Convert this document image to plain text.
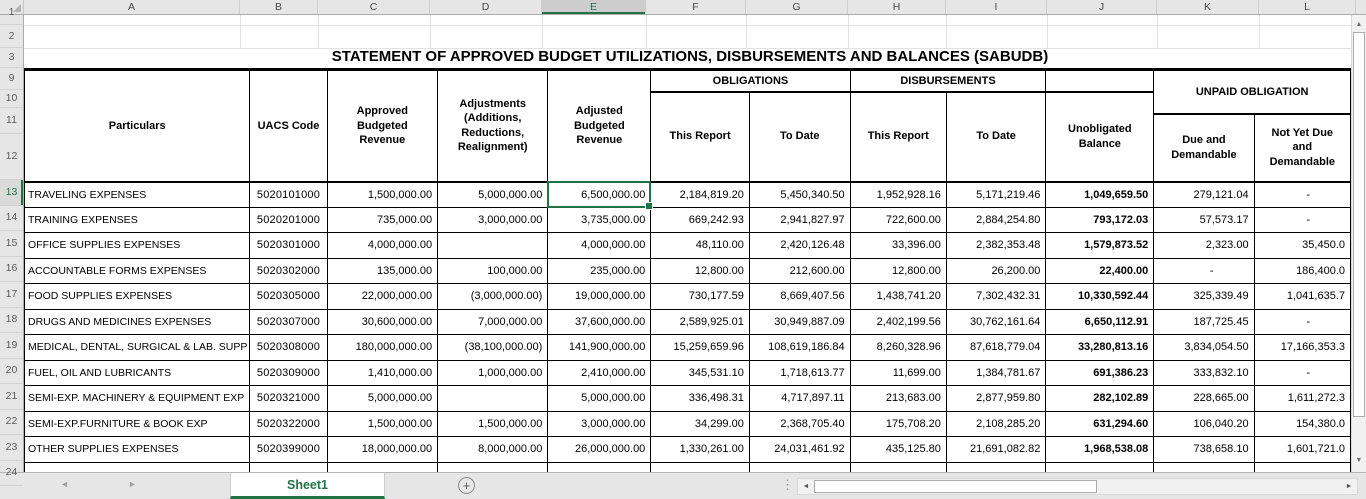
A	B	C	D	E	F	G	H	I	J	K	L
1
2
3
9
10
11
12
13
14
15
16
17
18
19
20
21
22
23
24
STATEMENT OF APPROVED BUDGET UTILIZATIONS, DISBURSEMENTS AND BALANCES (SABUDB)
Particulars	UACS Code	Approved Budgeted Revenue	Adjustments (Additions, Reductions, Realignment)	Adjusted Budgeted Revenue	OBLIGATIONS		DISBURSEMENTS			UNPAID OBLIGATION	
					This Report	To Date	This Report	To Date	Unobligated Balance		
										Due and Demandable	Not Yet Due and Demandable
TRAVELING EXPENSES	5020101000	1,500,000.00	5,000,000.00	6,500,000.00	2,184,819.20	5,450,340.50	1,952,928.16	5,171,219.46	1,049,659.50	279,121.04	-
TRAINING EXPENSES	5020201000	735,000.00	3,000,000.00	3,735,000.00	669,242.93	2,941,827.97	722,600.00	2,884,254.80	793,172.03	57,573.17	-
OFFICE SUPPLIES EXPENSES	5020301000	4,000,000.00		4,000,000.00	48,110.00	2,420,126.48	33,396.00	2,382,353.48	1,579,873.52	2,323.00	35,450.0
ACCOUNTABLE FORMS EXPENSES	5020302000	135,000.00	100,000.00	235,000.00	12,800.00	212,600.00	12,800.00	26,200.00	22,400.00	-	186,400.0
FOOD SUPPLIES EXPENSES	5020305000	22,000,000.00	(3,000,000.00)	19,000,000.00	730,177.59	8,669,407.56	1,438,741.20	7,302,432.31	10,330,592.44	325,339.49	1,041,635.7
DRUGS AND MEDICINES EXPENSES	5020307000	30,600,000.00	7,000,000.00	37,600,000.00	2,589,925.01	30,949,887.09	2,402,199.56	30,762,161.64	6,650,112.91	187,725.45	-
MEDICAL, DENTAL, SURGICAL & LAB. SUPP	5020308000	180,000,000.00	(38,100,000.00)	141,900,000.00	15,259,659.96	108,619,186.84	8,260,328.96	87,618,779.04	33,280,813.16	3,834,054.50	17,166,353.3
FUEL, OIL AND LUBRICANTS	5020309000	1,410,000.00	1,000,000.00	2,410,000.00	345,531.10	1,718,613.77	11,699.00	1,384,781.67	691,386.23	333,832.10	-
SEMI-EXP. MACHINERY & EQUIPMENT EXP	5020321000	5,000,000.00		5,000,000.00	336,498.31	4,717,897.11	213,683.00	2,877,959.80	282,102.89	228,665.00	1,611,272.3
SEMI-EXP.FURNITURE & BOOK EXP	5020322000	1,500,000.00	1,500,000.00	3,000,000.00	34,299.00	2,368,705.40	175,708.20	2,108,285.20	631,294.60	106,040.20	154,380.0
OTHER SUPPLIES EXPENSES	5020399000	18,000,000.00	8,000,000.00	26,000,000.00	1,330,261.00	24,031,461.92	435,125.80	21,691,082.82	1,968,538.08	738,658.10	1,601,721.0

▲
▼
◄	►	Sheet1	+	⋮	◄	►
